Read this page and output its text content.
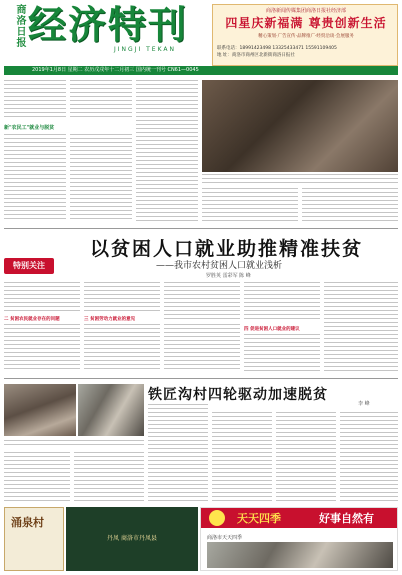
商洛日报 经济特刊
JINGJI TEKAN
商洛新闻传媒集团商洛日报社经济部
四星庆新福满 尊贵创新生活
精心策划·广告宣传·品牌推广·经贸洽谈·会展服务
联系电话：18991423498 13325433471 15591109405
地 址：商洛市商州区北新街商洛日报社
2019年1月8日 星期二 农历戊戌年十二月初三 国内统一刊号 CN61—0045
新"农民工"就业与脱贫
以贫困人口就业助推精准扶贫
——我市农村贫困人口就业浅析
罗胜英 雷彩军 陈 峰
特别关注
二 贫困农民就业存在的问题	三 贫困劳动力就业的意见
四 促进贫困人口就业的建议
铁匠沟村四轮驱动加速脱贫
李 峰
涌泉村
丹凤 商洛市丹凤县
天天四季	好事自然有
商洛市天天四季
